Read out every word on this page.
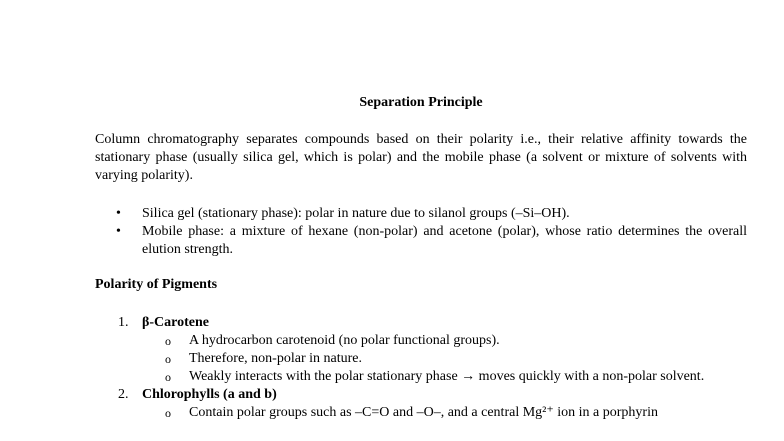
Separation Principle
Column chromatography separates compounds based on their polarity i.e., their relative affinity towards the stationary phase (usually silica gel, which is polar) and the mobile phase (a solvent or mixture of solvents with varying polarity).
• Silica gel (stationary phase): polar in nature due to silanol groups (–Si–OH).
• Mobile phase: a mixture of hexane (non-polar) and acetone (polar), whose ratio determines the overall elution strength.
Polarity of Pigments
1. β-Carotene
o A hydrocarbon carotenoid (no polar functional groups).
o Therefore, non-polar in nature.
o Weakly interacts with the polar stationary phase → moves quickly with a non-polar solvent.
2. Chlorophylls (a and b)
o Contain polar groups such as –C=O and –O–, and a central Mg²⁺ ion in a porphyrin
